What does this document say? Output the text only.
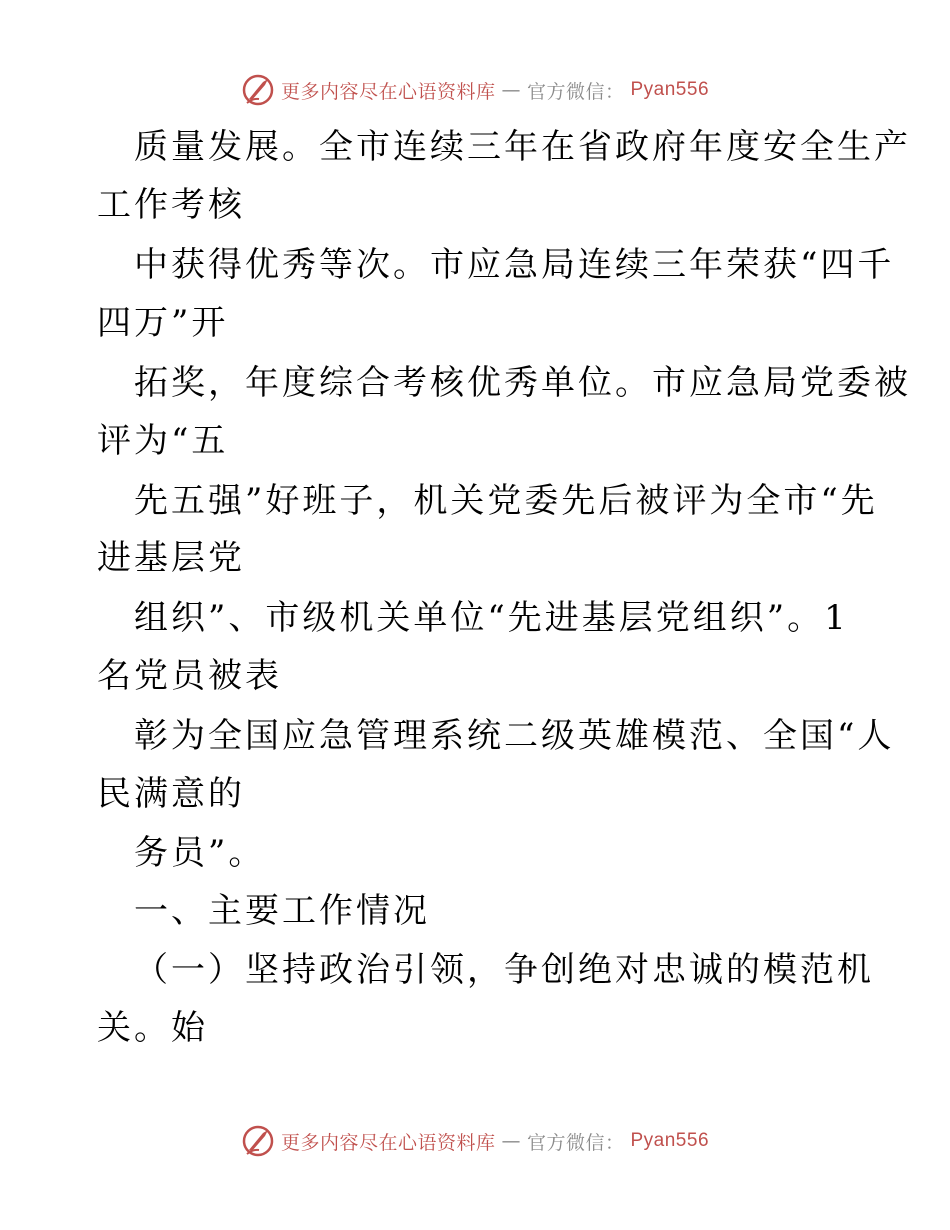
更多内容尽在心语资料库 — 官方微信： Pyan556
质量发展。全市连续三年在省政府年度安全生产
工作考核
中获得优秀等次。市应急局连续三年荣获“四千
四万”开
拓奖，年度综合考核优秀单位。市应急局党委被
评为“五
先五强”好班子，机关党委先后被评为全市“先
进基层党
组织”、市级机关单位“先进基层党组织”。1
名党员被表
彰为全国应急管理系统二级英雄模范、全国“人
民满意的
务员”。
一、主要工作情况
（一）坚持政治引领，争创绝对忠诚的模范机
关。始
更多内容尽在心语资料库 — 官方微信： Pyan556
